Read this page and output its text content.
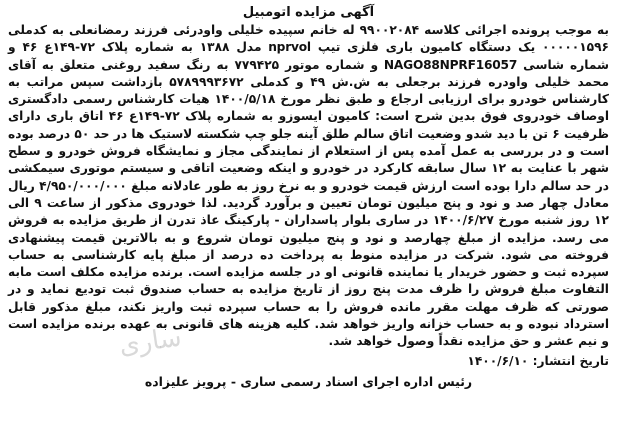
آگهی مزایده اتومبیل

به موجب پرونده اجرائی کلاسه ۹۹۰۰۲۰۸۴ له خانم سپیده خلیلی واودرئی فرزند رمضانعلی به کدملی ۰۰۰۰۰۱۵۹۶ یک دستگاه کامیون باری فلزی تیپ nprvol مدل ۱۳۸۸ به شماره پلاک ۷۲-۱۴۹ع ۴۶ و شماره شاسی NAGO88NPRF16057 و شماره موتور ۷۷۹۴۲۵ به رنگ سفید روغنی متعلق به آقای محمد خلیلی واودره فرزند برجعلی به ش.ش ۴۹ و کدملی ۵۷۸۹۹۹۳۶۷۲ بازداشت سپس مراتب به کارشناس خودرو برای ارزیابی ارجاع و طبق نظر مورخ ۱۴۰۰/۵/۱۸ هیات کارشناس رسمی دادگستری اوصاف خودروی فوق بدین شرح است: کامیون ایسوزو به شماره پلاک ۷۲-۱۴۹ع ۴۶ اتاق باری دارای ظرفیت ۶ تن با دید شدو وضعیت اتاق سالم طلق آینه جلو چپ شکسته لاستیک ها در حد ۵۰ درصد بوده است و در بررسی به عمل آمده پس از استعلام از نمایندگی مجاز و نمایشگاه فروش خودرو و سطح شهر با عنایت به ۱۲ سال سابقه کارکرد در خودرو و اینکه وضعیت اتاقی و سیستم موتوری سیمکشی در حد سالم دارا بوده است ارزش قیمت خودرو و به نرخ روز به طور عادلانه مبلغ ۴/۹۵۰/۰۰۰/۰۰۰ ریال معادل چهار صد و نود و پنج میلیون تومان تعیین و برآورد گردید. لذا خودروی مذکور از ساعت ۹ الی ۱۲ روز شنبه مورخ ۱۴۰۰/۶/۲۷ در ساری بلوار پاسداران - پارکینگ عاذ تدرن از طریق مزایده به فروش می رسد. مزایده از مبلغ چهارصد و نود و پنج میلیون تومان شروع و به بالاترین قیمت پیشنهادی فروخته می شود. شرکت در مزایده منوط به پرداخت ده درصد از مبلغ پایه کارشناسی به حساب سپرده ثبت و حضور خریدار یا نماینده قانونی او در جلسه مزایده است. برنده مزایده مکلف است مابه التفاوت مبلغ فروش را ظرف مدت پنج روز از تاریخ مزایده به حساب صندوق ثبت تودیع نماید و در صورتی که ظرف مهلت مقرر مانده فروش را به حساب سپرده ثبت واریز نکند، مبلغ مذکور قابل استرداد نبوده و به حساب خزانه واریز خواهد شد. کلیه هزینه های قانونی به عهده برنده مزایده است و نیم عشر و حق مزایده نقداً وصول خواهد شد.

تاریخ انتشار: ۱۴۰۰/۶/۱۰
رئیس اداره اجرای اسناد رسمی ساری - پرویز علیزاده
ساری
